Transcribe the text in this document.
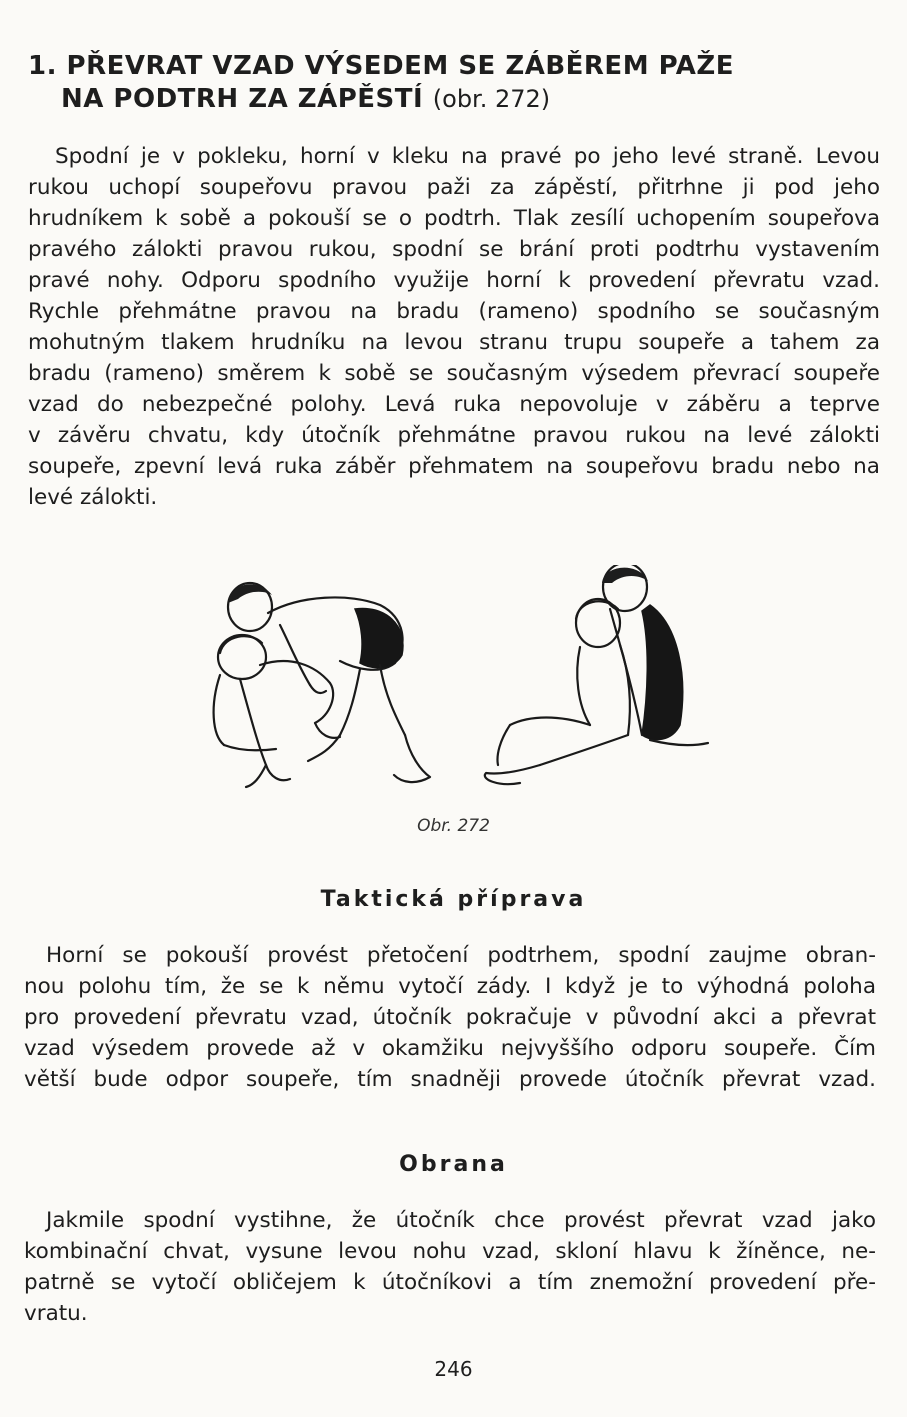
1. PŘEVRAT VZAD VÝSEDEM SE ZÁBĚREM PAŽE
NA PODTRH ZA ZÁPĚSTÍ (obr. 272)

Spodní je v pokleku, horní v kleku na pravé po jeho levé straně. Levou
rukou uchopí soupeřovu pravou paži za zápěstí, přitrhne ji pod jeho
hrudníkem k sobě a pokouší se o podtrh. Tlak zesílí uchopením soupeřova
pravého zálokti pravou rukou, spodní se brání proti podtrhu vystavením
pravé nohy. Odporu spodního využije horní k provedení převratu vzad.
Rychle přehmátne pravou na bradu (rameno) spodního se současným
mohutným tlakem hrudníku na levou stranu trupu soupeře a tahem za
bradu (rameno) směrem k sobě se současným výsedem převrací soupeře
vzad do nebezpečné polohy. Levá ruka nepovoluje v záběru a teprve
v závěru chvatu, kdy útočník přehmátne pravou rukou na levé zálokti
soupeře, zpevní levá ruka záběr přehmatem na soupeřovu bradu nebo na
levé zálokti.

Obr. 272
Taktická příprava

Horní se pokouší provést přetočení podtrhem, spodní zaujme obran-
nou polohu tím, že se k němu vytočí zády. I když je to výhodná poloha
pro provedení převratu vzad, útočník pokračuje v původní akci a převrat
vzad výsedem provede až v okamžiku nejvyššího odporu soupeře. Čím
větší bude odpor soupeře, tím snadněji provede útočník převrat vzad.

Obrana

Jakmile spodní vystihne, že útočník chce provést převrat vzad jako
kombinační chvat, vysune levou nohu vzad, skloní hlavu k žíněnce, ne-
patrně se vytočí obličejem k útočníkovi a tím znemožní provedení pře-
vratu.

246
